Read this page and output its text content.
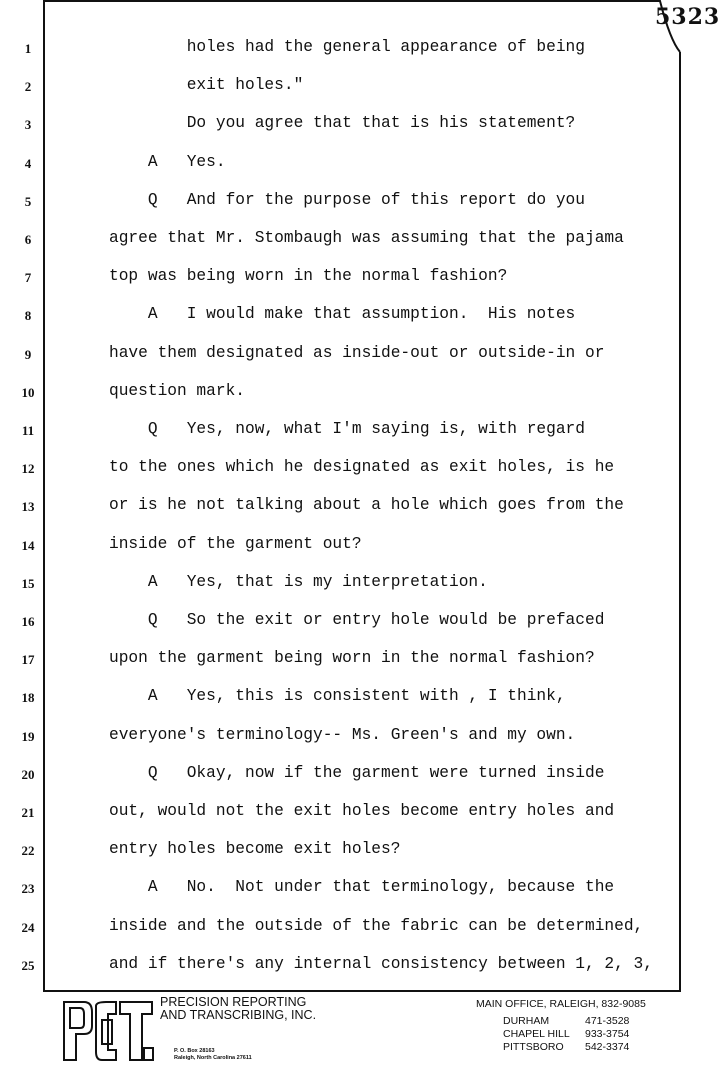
5323
1	holes had the general appearance of being
2	exit holes."
3	Do you agree that that is his statement?
4	A   Yes.
5	Q   And for the purpose of this report do you
6	agree that Mr. Stombaugh was assuming that the pajama
7	top was being worn in the normal fashion?
8	A   I would make that assumption.  His notes
9	have them designated as inside-out or outside-in or
10	question mark.
11	Q   Yes, now, what I'm saying is, with regard
12	to the ones which he designated as exit holes, is he
13	or is he not talking about a hole which goes from the
14	inside of the garment out?
15	A   Yes, that is my interpretation.
16	Q   So the exit or entry hole would be prefaced
17	upon the garment being worn in the normal fashion?
18	A   Yes, this is consistent with , I think,
19	everyone's terminology-- Ms. Green's and my own.
20	Q   Okay, now if the garment were turned inside
21	out, would not the exit holes become entry holes and
22	entry holes become exit holes?
23	A   No.  Not under that terminology, because the
24	inside and the outside of the fabric can be determined,
25	and if there's any internal consistency between 1, 2, 3,
PRECISION REPORTING
AND TRANSCRIBING, INC.
P. O. Box 28163
Raleigh, North Carolina 27611
MAIN OFFICE, RALEIGH, 832-9085
DURHAM	471-3528
CHAPEL HILL 933-3754
PITTSBORO 542-3374
